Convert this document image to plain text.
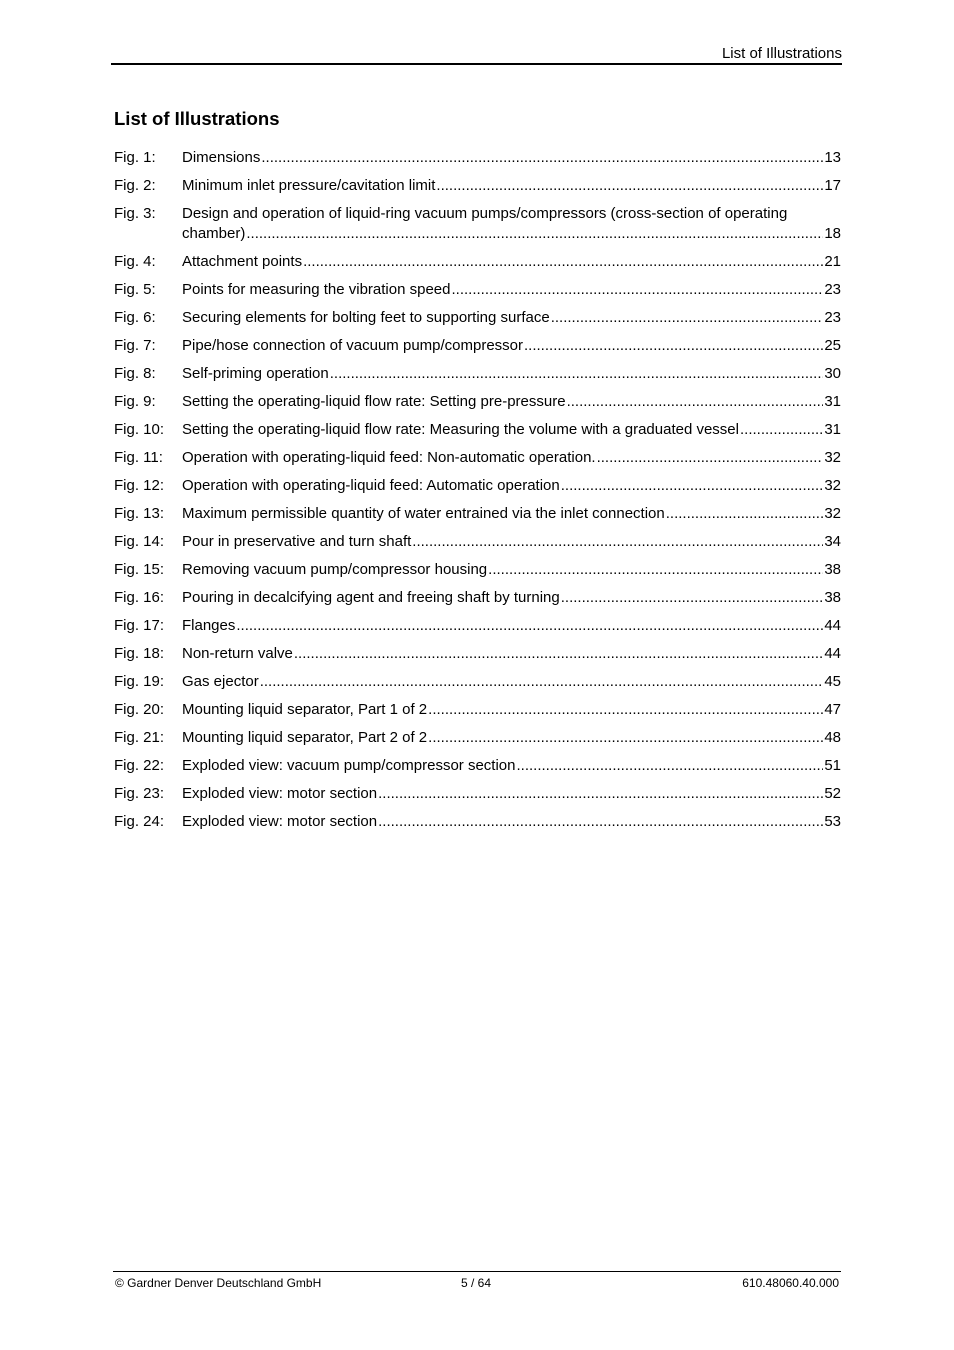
List of Illustrations
List of Illustrations
Fig. 1:	Dimensions .....	13
Fig. 2:	Minimum inlet pressure/cavitation limit .....	17
Fig. 3:	Design and operation of liquid-ring vacuum pumps/compressors (cross-section of operating
chamber) .....	18
Fig. 4:	Attachment points .....	21
Fig. 5:	Points for measuring the vibration speed .....	23
Fig. 6:	Securing elements for bolting feet to supporting surface .....	23
Fig. 7:	Pipe/hose connection of vacuum pump/compressor .....	25
Fig. 8:	Self-priming operation .....	30
Fig. 9:	Setting the operating-liquid flow rate: Setting pre-pressure .....	31
Fig. 10:	Setting the operating-liquid flow rate: Measuring the volume with a graduated vessel .....	31
Fig. 11:	Operation with operating-liquid feed: Non-automatic operation. .....	32
Fig. 12:	Operation with operating-liquid feed: Automatic operation .....	32
Fig. 13:	Maximum permissible quantity of water entrained via the inlet connection .....	32
Fig. 14:	Pour in preservative and turn shaft .....	34
Fig. 15:	Removing vacuum pump/compressor housing .....	38
Fig. 16:	Pouring in decalcifying agent and freeing shaft by turning .....	38
Fig. 17:	Flanges .....	44
Fig. 18:	Non-return valve .....	44
Fig. 19:	Gas ejector .....	45
Fig. 20:	Mounting liquid separator, Part 1 of 2 .....	47
Fig. 21:	Mounting liquid separator, Part 2 of 2 .....	48
Fig. 22:	Exploded view: vacuum pump/compressor section .....	51
Fig. 23:	Exploded view: motor section .....	52
Fig. 24:	Exploded view: motor section .....	53
© Gardner Denver Deutschland GmbH	5 / 64	610.48060.40.000
